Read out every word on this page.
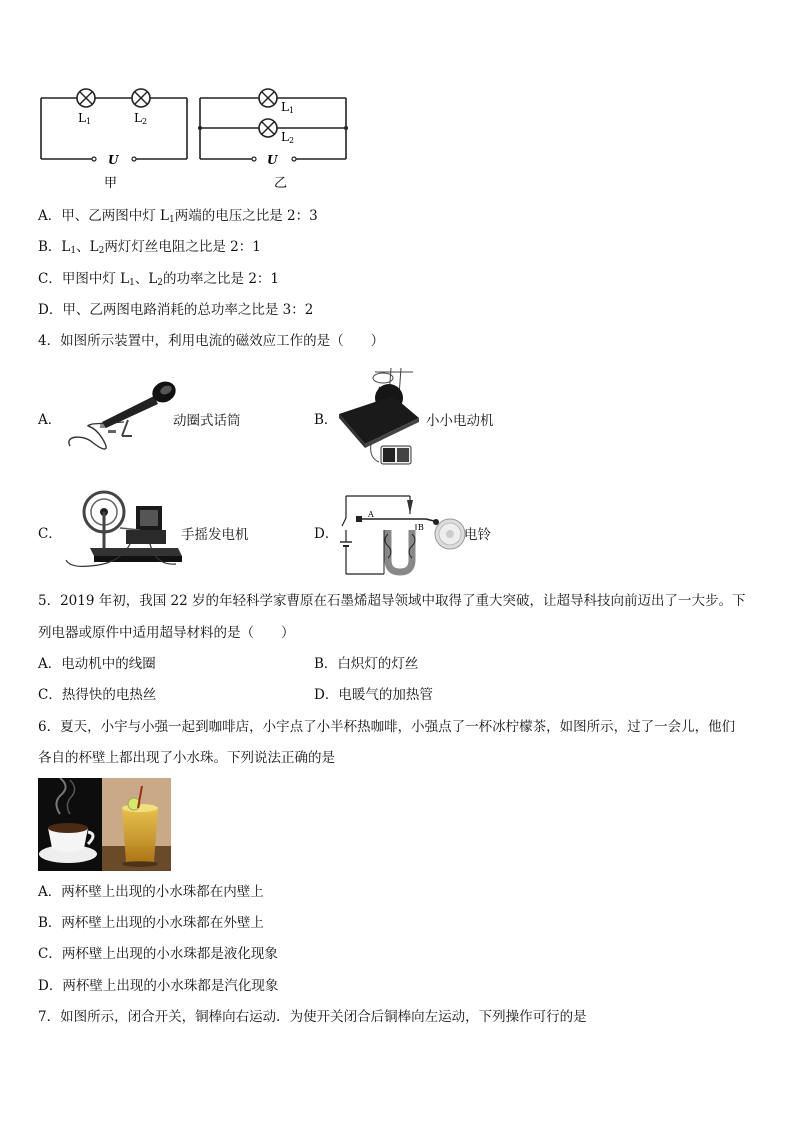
L1	L2
U
甲
L1
L2
U
乙
A．甲、乙两图中灯 $L_1$两端的电压之比是 2：3
B．$L_1$、$L_2$两灯灯丝电阻之比是 2：1
C．甲图中灯 $L_1$、$L_2$的功率之比是 2：1
D．甲、乙两图电路消耗的总功率之比是 3：2
4．如图所示装置中，利用电流的磁效应工作的是（　　）
A．	动圈式话筒	B．	小小电动机
C．	手摇发电机	D．
A
B	电铃
5．2019 年初，我国 22 岁的年轻科学家曹原在石墨烯超导领域中取得了重大突破，让超导科技向前迈出了一大步。下
列电器或原件中适用超导材料的是（　　）
A．电动机中的线圈	B．白炽灯的灯丝
C．热得快的电热丝	D．电暖气的加热管
6．夏天，小宇与小强一起到咖啡店，小宇点了小半杯热咖啡，小强点了一杯冰柠檬茶，如图所示，过了一会儿，他们
各自的杯壁上都出现了小水珠。下列说法正确的是
A．两杯壁上出现的小水珠都在内壁上
B．两杯壁上出现的小水珠都在外壁上
C．两杯壁上出现的小水珠都是液化现象
D．两杯壁上出现的小水珠都是汽化现象
7．如图所示，闭合开关，铜棒向右运动．为使开关闭合后铜棒向左运动，下列操作可行的是
